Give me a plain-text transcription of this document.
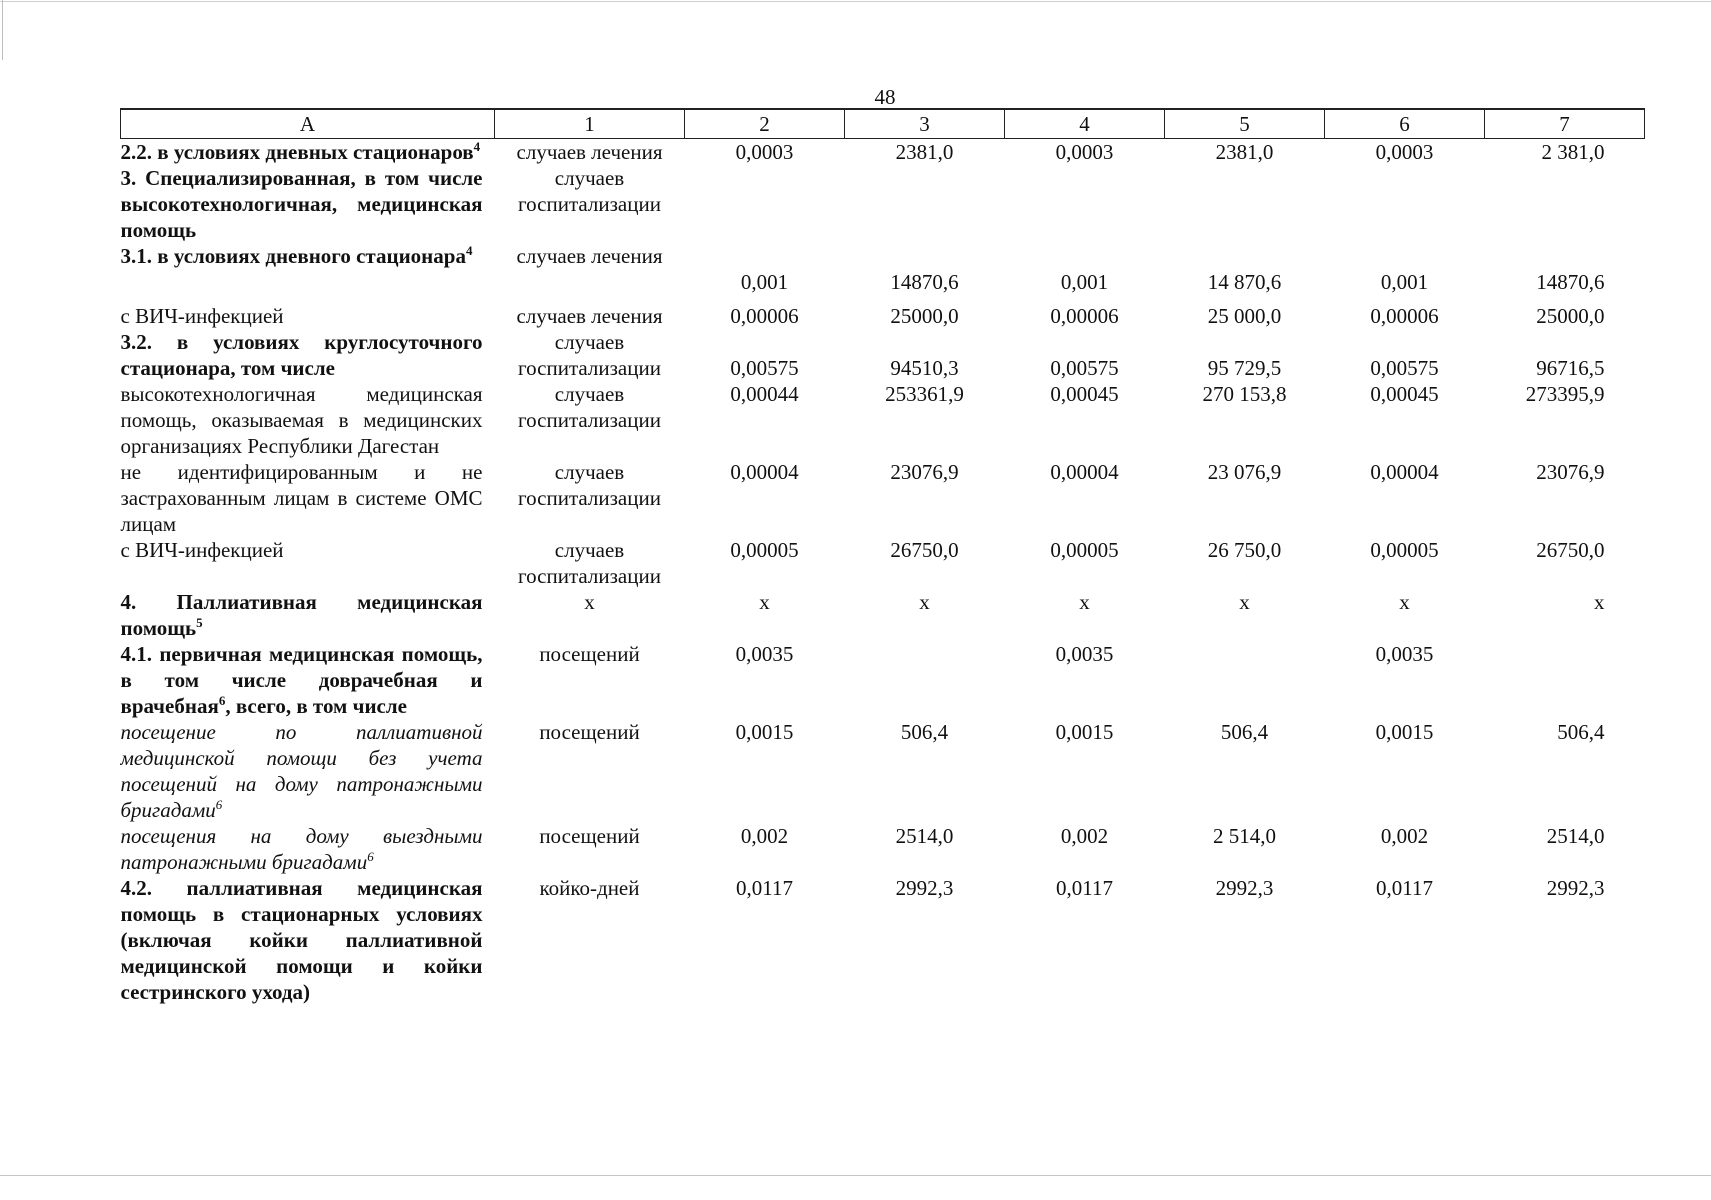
48
А	1	2	3	4	5	6	7
2.2. в условиях дневных стационаров$^4$	случаев лечения	0,0003	2381,0	0,0003	2381,0	0,0003	2 381,0
3. Специализированная, в том числе высокотехнологичная, медицинская помощь	случаев госпитализации						
3.1. в условиях дневного стационара$^4$	случаев лечения	0,001	14870,6	0,001	14 870,6	0,001	14870,6
с ВИЧ-инфекцией	случаев лечения	0,00006	25000,0	0,00006	25 000,0	0,00006	25000,0
3.2. в условиях круглосуточного стационара, том числе	случаев госпитализации	0,00575	94510,3	0,00575	95 729,5	0,00575	96716,5
высокотехнологичная медицинская помощь, оказываемая в медицинских организациях Республики Дагестан	случаев госпитализации	0,00044	253361,9	0,00045	270 153,8	0,00045	273395,9
не идентифицированным и не застрахованным лицам в системе ОМС лицам	случаев госпитализации	0,00004	23076,9	0,00004	23 076,9	0,00004	23076,9
с ВИЧ-инфекцией	случаев госпитализации	0,00005	26750,0	0,00005	26 750,0	0,00005	26750,0
4. Паллиативная медицинская помощь$^5$	х	х	х	х	х	х	х
4.1. первичная медицинская помощь, в том числе доврачебная и врачебная$^6$, всего, в том числе	посещений	0,0035		0,0035		0,0035	
посещение по паллиативной медицинской помощи без учета посещений на дому патронажными бригадами$^6$	посещений	0,0015	506,4	0,0015	506,4	0,0015	506,4
посещения на дому выездными патронажными бригадами$^6$	посещений	0,002	2514,0	0,002	2 514,0	0,002	2514,0
4.2. паллиативная медицинская помощь в стационарных условиях (включая койки паллиативной медицинской помощи и койки сестринского ухода)	койко-дней	0,0117	2992,3	0,0117	2992,3	0,0117	2992,3
